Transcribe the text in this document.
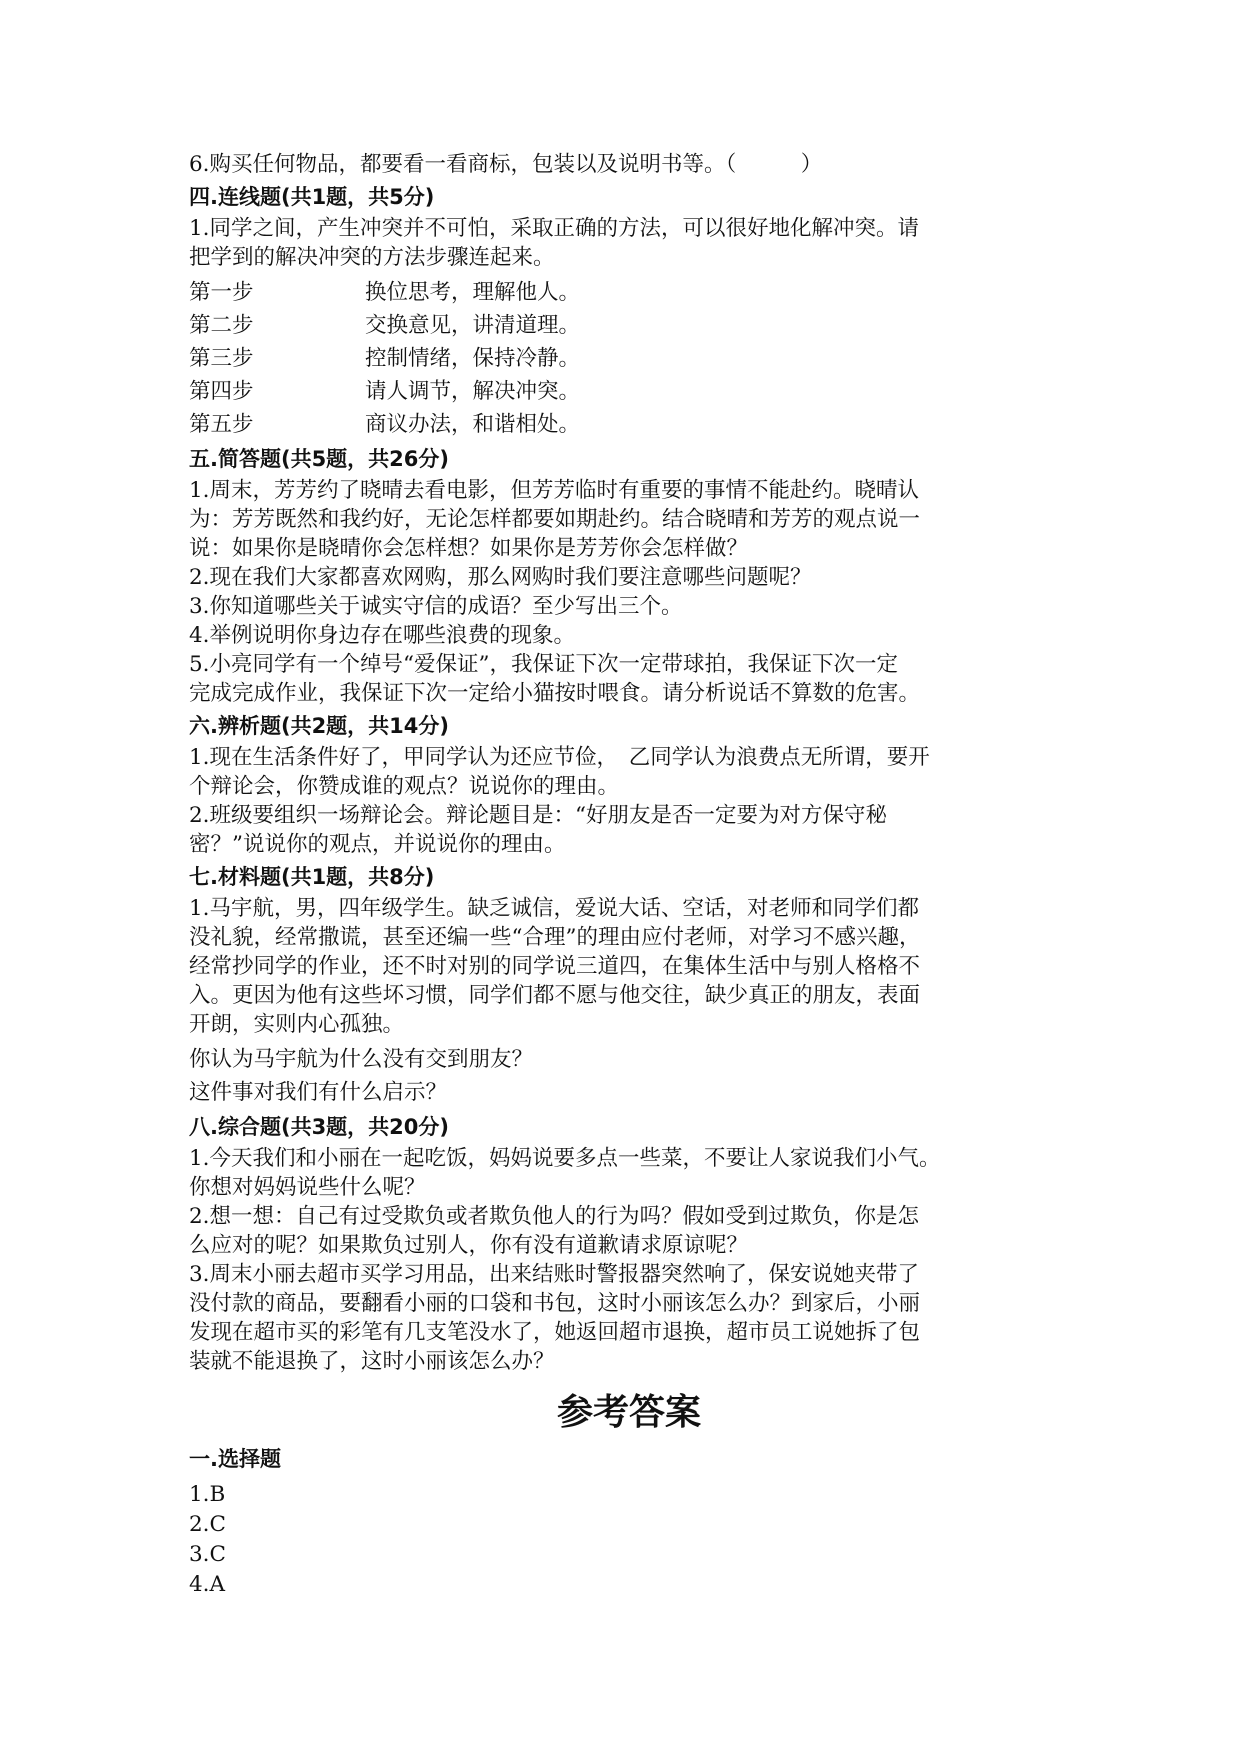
6.购买任何物品，都要看一看商标，包装以及说明书等。（　　　）

四.连线题(共1题，共5分)

1.同学之间，产生冲突并不可怕，采取正确的方法，可以很好地化解冲突。请

把学到的解决冲突的方法步骤连起来。

第一步	换位思考，理解他人。
第二步	交换意见，讲清道理。
第三步	控制情绪，保持冷静。
第四步	请人调节，解决冲突。
第五步	商议办法，和谐相处。
五.简答题(共5题，共26分)

1.周末，芳芳约了晓晴去看电影，但芳芳临时有重要的事情不能赴约。晓晴认

为：芳芳既然和我约好，无论怎样都要如期赴约。结合晓晴和芳芳的观点说一

说：如果你是晓晴你会怎样想？如果你是芳芳你会怎样做？

2.现在我们大家都喜欢网购，那么网购时我们要注意哪些问题呢？

3.你知道哪些关于诚实守信的成语？至少写出三个。

4.举例说明你身边存在哪些浪费的现象。

5.小亮同学有一个绰号“爱保证”，我保证下次一定带球拍，我保证下次一定

完成完成作业，我保证下次一定给小猫按时喂食。请分析说话不算数的危害。

六.辨析题(共2题，共14分)

1.现在生活条件好了，甲同学认为还应节俭，　乙同学认为浪费点无所谓，要开

个辩论会，你赞成谁的观点？说说你的理由。

2.班级要组织一场辩论会。辩论题目是：“好朋友是否一定要为对方保守秘

密？”说说你的观点，并说说你的理由。

七.材料题(共1题，共8分)

1.马宇航，男，四年级学生。缺乏诚信，爱说大话、空话，对老师和同学们都

没礼貌，经常撒谎，甚至还编一些“合理”的理由应付老师，对学习不感兴趣，

经常抄同学的作业，还不时对别的同学说三道四，在集体生活中与别人格格不

入。更因为他有这些坏习惯，同学们都不愿与他交往，缺少真正的朋友，表面

开朗，实则内心孤独。

你认为马宇航为什么没有交到朋友？

这件事对我们有什么启示？

八.综合题(共3题，共20分)

1.今天我们和小丽在一起吃饭，妈妈说要多点一些菜，不要让人家说我们小气。

你想对妈妈说些什么呢？

2.想一想：自己有过受欺负或者欺负他人的行为吗？假如受到过欺负，你是怎

么应对的呢？如果欺负过别人，你有没有道歉请求原谅呢？

3.周末小丽去超市买学习用品，出来结账时警报器突然响了，保安说她夹带了

没付款的商品，要翻看小丽的口袋和书包，这时小丽该怎么办？到家后，小丽

发现在超市买的彩笔有几支笔没水了，她返回超市退换，超市员工说她拆了包

装就不能退换了，这时小丽该怎么办？

参考答案
一.选择题
1.B
2.C
3.C
4.A
